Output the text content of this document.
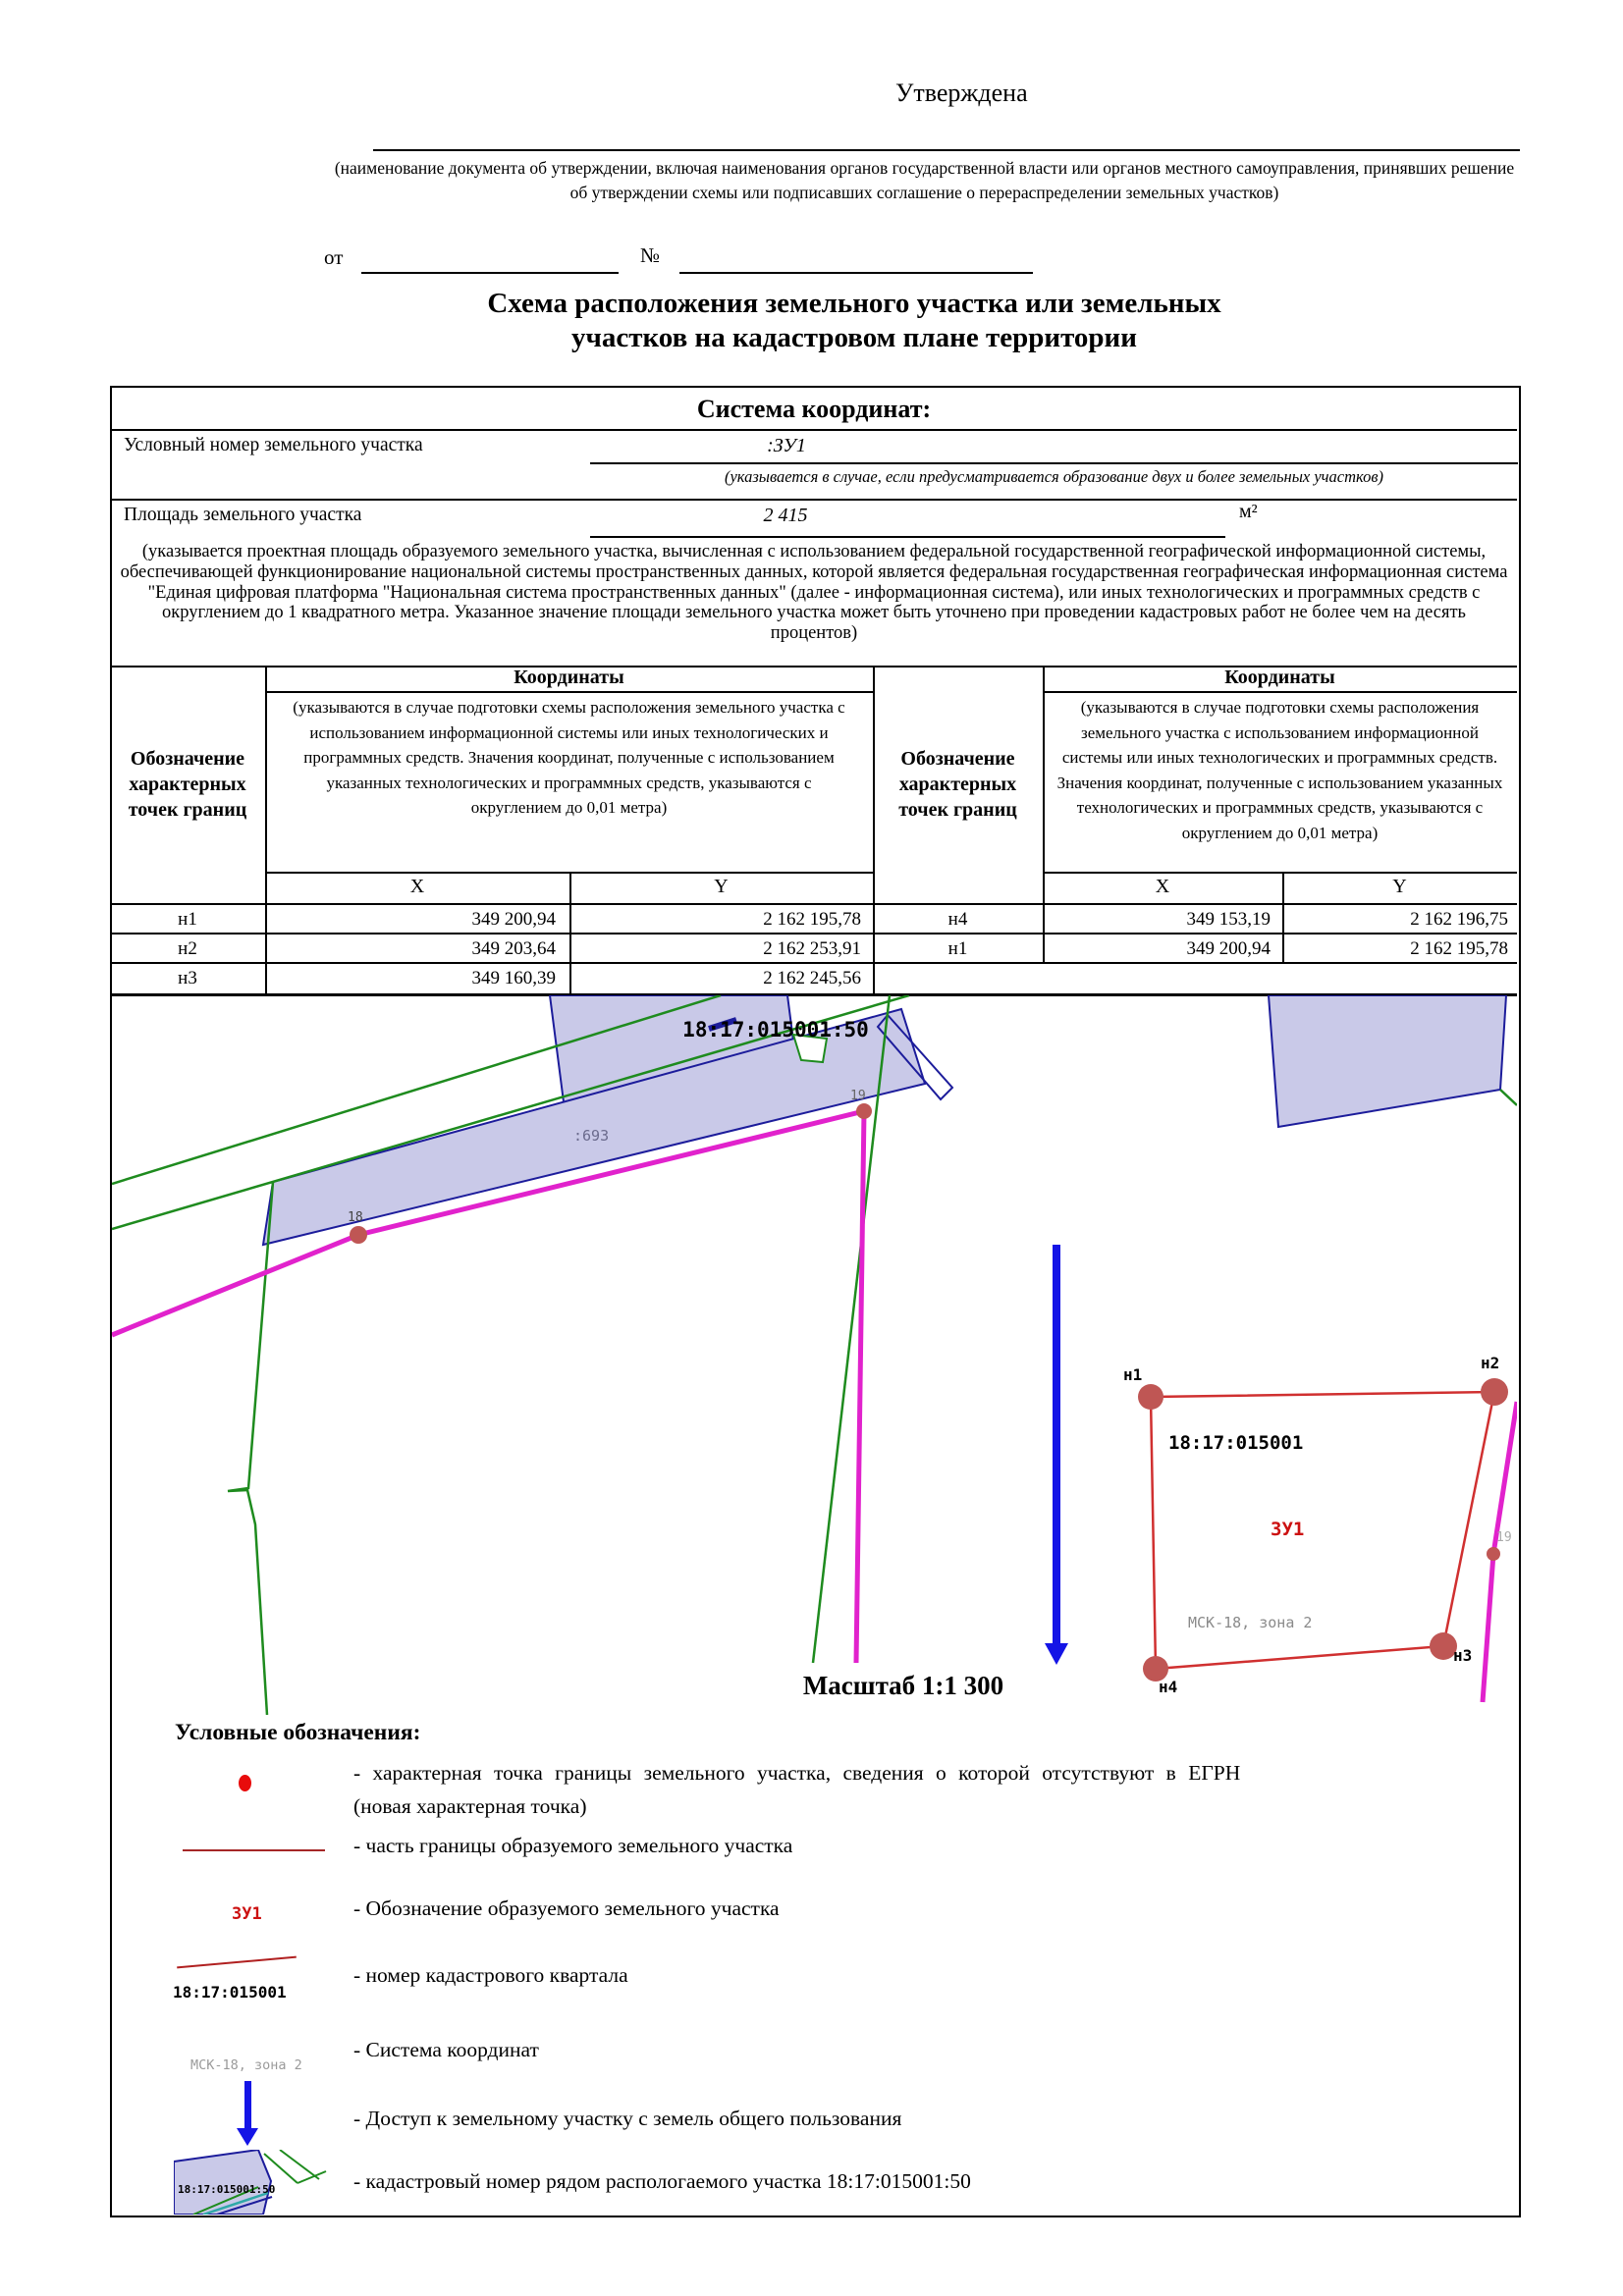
Утверждена
(наименование документа об утверждении, включая наименования органов государственной власти или органов местного самоуправления, принявших решение об утверждении схемы или подписавших соглашение о перераспределении земельных участков)
от	№
Схема расположения земельного участка или земельных
участков на кадастровом плане территории
Система координат:
Условный номер земельного участка	:ЗУ1
(указывается в случае, если предусматривается образование двух и более земельных участков)
Площадь земельного участка	2 415	м²
(указывается проектная площадь образуемого земельного участка, вычисленная с использованием федеральной государственной географической информационной системы, обеспечивающей функционирование национальной системы пространственных данных, которой является федеральная государственная географическая информационная система "Единая цифровая платформа "Национальная система пространственных данных" (далее - информационная система), или иных технологических и программных средств с округлением до 1 квадратного метра. Указанное значение площади земельного участка может быть уточнено при проведении кадастровых работ не более чем на десять процентов)
Обозначение характерных точек границ
Координаты
(указываются в случае подготовки схемы расположения земельного участка с использованием информационной системы или иных технологических и программных средств. Значения координат, полученные с использованием указанных технологических и программных средств, указываются с округлением до 0,01 метра)
X	Y
Обозначение характерных точек границ
Координаты
(указываются в случае подготовки схемы расположения земельного участка с использованием информационной системы или иных технологических и программных средств. Значения координат, полученные с использованием указанных технологических и программных средств, указываются с округлением до 0,01 метра)
X	Y
н1	349 200,94	2 162 195,78
н2	349 203,64	2 162 253,91
н3	349 160,39	2 162 245,56
н4	349 153,19	2 162 196,75
н1	349 200,94	2 162 195,78
18:17:015001:50
:693
18
19
19
н1
н2
н3
н4
18:17:015001
ЗУ1
МСК-18, зона 2
Масштаб 1:1 300
Условные обозначения:
- характерная точка границы земельного участка, сведения о которой отсутствуют в ЕГРН
(новая характерная точка)
- часть границы образуемого земельного участка
ЗУ1	- Обозначение образуемого земельного участка
18:17:015001
- номер кадастрового квартала
МСК-18, зона 2
- Система координат
- Доступ к земельному участку с земель общего пользования
18:17:015001:50	- кадастровый номер рядом распологаемого участка 18:17:015001:50
